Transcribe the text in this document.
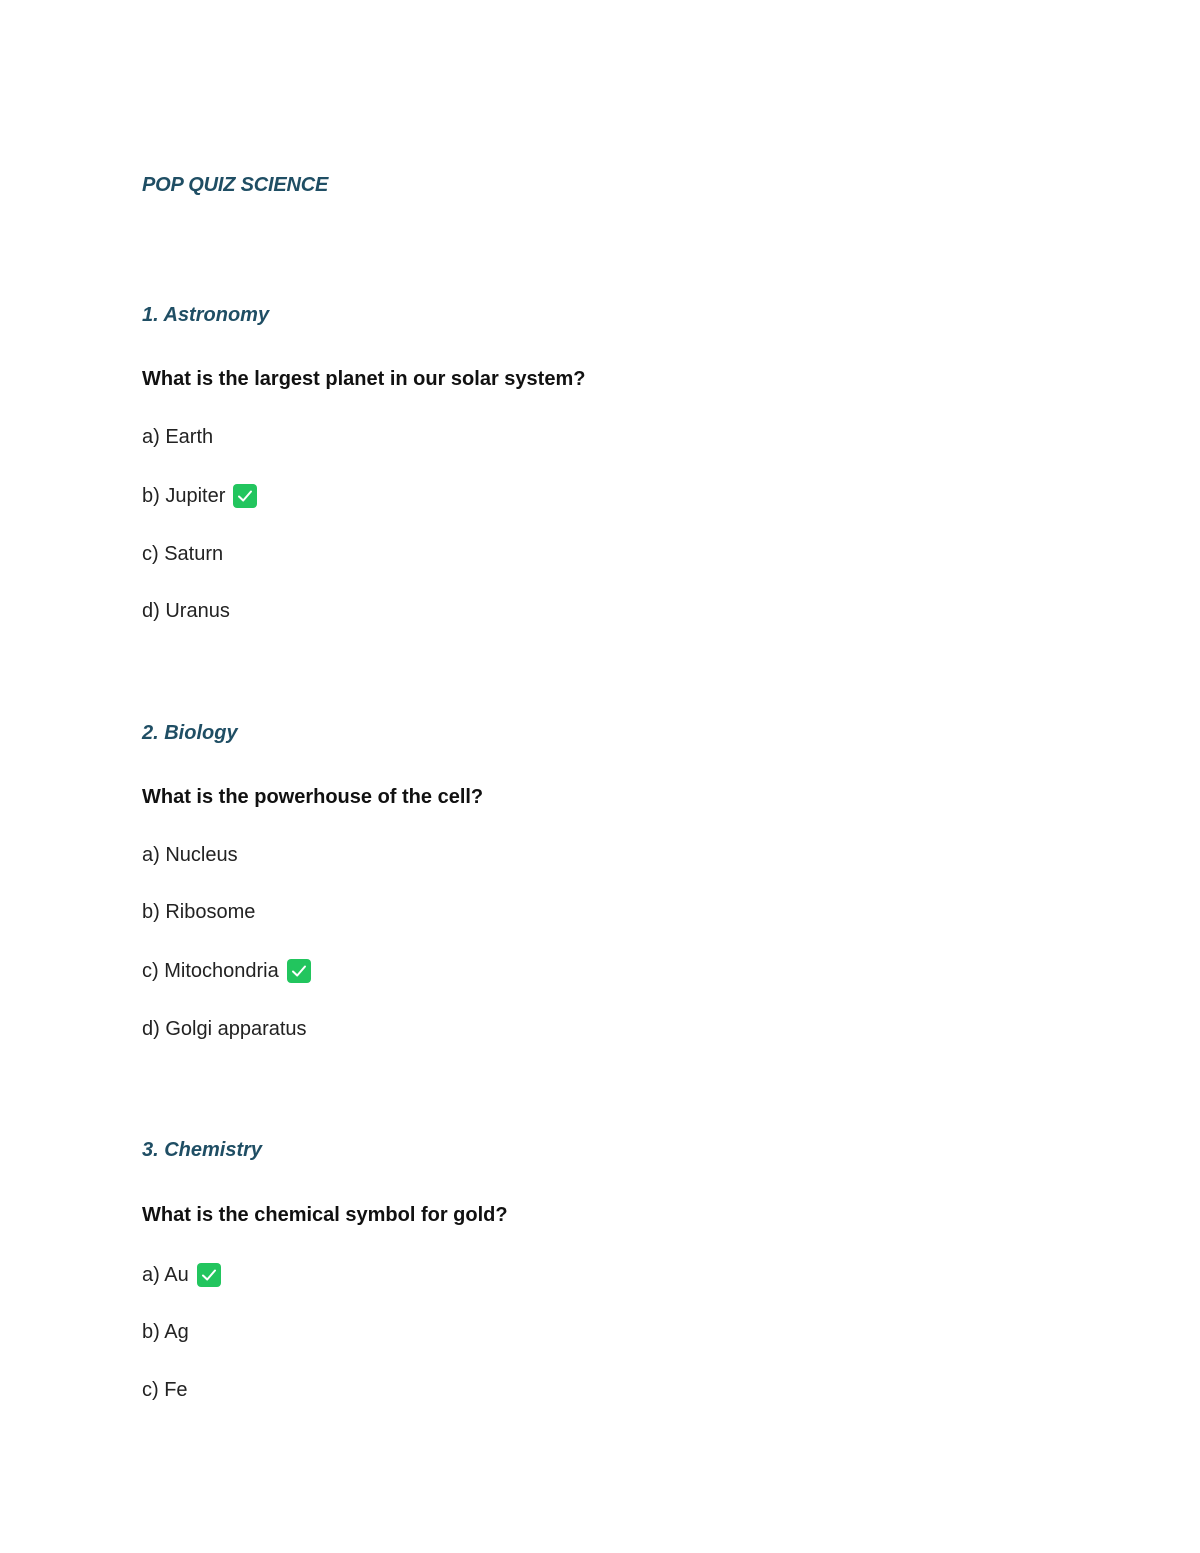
POP QUIZ SCIENCE
1. Astronomy

What is the largest planet in our solar system?

a) Earth

b) Jupiter

c) Saturn

d) Uranus

2. Biology

What is the powerhouse of the cell?

a) Nucleus

b) Ribosome

c) Mitochondria

d) Golgi apparatus

3. Chemistry

What is the chemical symbol for gold?

a) Au

b) Ag

c) Fe
